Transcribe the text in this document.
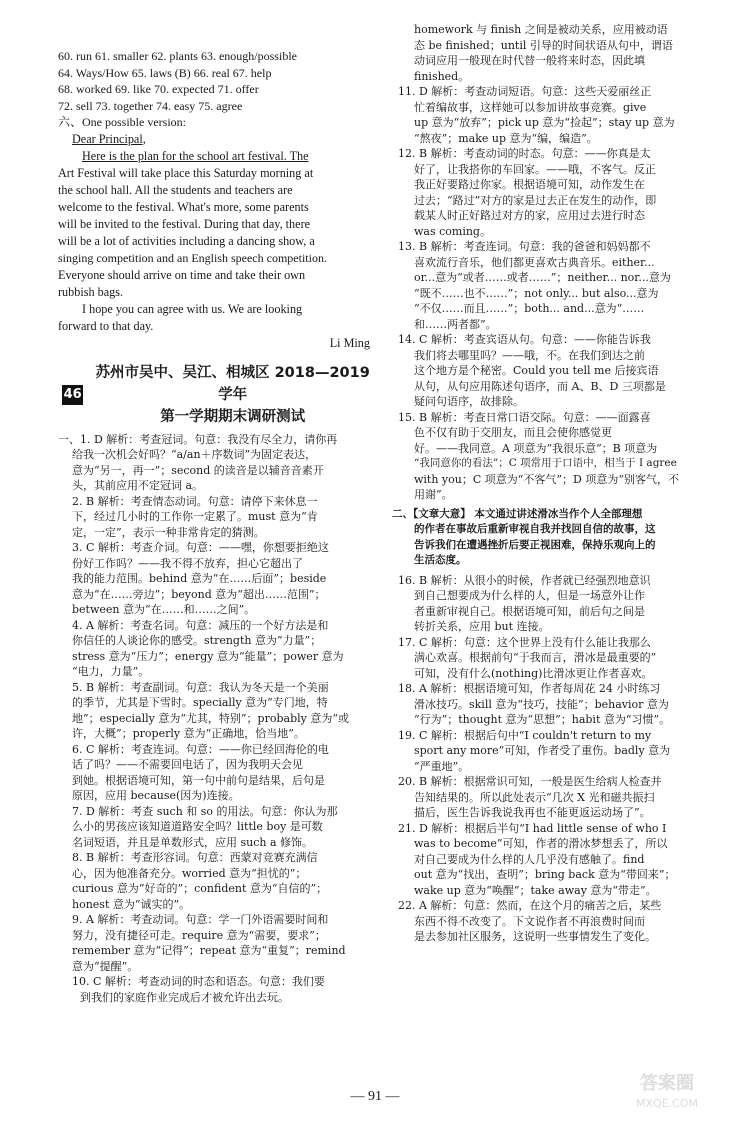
60. run 61. smaller 62. plants 63. enough/possible
64. Ways/How 65. laws (B) 66. real 67. help
68. worked 69. like 70. expected 71. offer
72. sell 73. together 74. easy 75. agree
六、One possible version:

Dear Principal,

Here is the plan for the school art festival. The
Art Festival will take place this Saturday morning at
the school hall. All the students and teachers are
welcome to the festival. What's more, some parents
will be invited to the festival. During that day, there
will be a lot of activities including a dancing show, a
singing competition and an English speech competition.
Everyone should arrive on time and take their own
rubbish bags.
I hope you can agree with us. We are looking
forward to that day.
Li Ming
46
苏州市吴中、吴江、相城区 2018—2019 学年
第一学期期末调研测试
一、1. D 解析：考查冠词。句意：我没有尽全力，请你再
给我一次机会好吗？“a/an＋序数词”为固定表达，
意为“另一，再一”；second 的读音是以辅音音素开
头，其前应用不定冠词 a。
2. B 解析：考查情态动词。句意：请停下来休息一
下，经过几小时的工作你一定累了。must 意为“肯
定，一定”，表示一种非常肯定的猜测。
3. C 解析：考查介词。句意：——嘿，你想要拒绝这
份好工作吗？——我不得不放弃，担心它超出了
我的能力范围。behind 意为“在……后面”；beside
意为“在……旁边”；beyond 意为“超出……范围”；
between 意为“在……和……之间”。
4. A 解析：考查名词。句意：减压的一个好方法是和
你信任的人谈论你的感受。strength 意为“力量”；
stress 意为“压力”；energy 意为“能量”；power 意为
“电力，力量”。
5. B 解析：考查副词。句意：我认为冬天是一个美丽
的季节，尤其是下雪时。specially 意为“专门地，特
地”；especially 意为“尤其，特别”；probably 意为“或
许，大概”；properly 意为“正确地，恰当地”。
6. C 解析：考查连词。句意：——你已经回海伦的电
话了吗？——不需要回电话了，因为我明天会见
到她。根据语境可知，第一句中前句是结果，后句是
原因，应用 because(因为)连接。
7. D 解析：考查 such 和 so 的用法。句意：你认为那
么小的男孩应该知道道路安全吗？little boy 是可数
名词短语，并且是单数形式，应用 such a 修饰。
8. B 解析：考查形容词。句意：西蒙对竞赛充满信
心，因为他准备充分。worried 意为“担忧的”；
curious 意为“好奇的”；confident 意为“自信的”；
honest 意为“诚实的”。
9. A 解析：考查动词。句意：学一门外语需要时间和
努力，没有捷径可走。require 意为“需要，要求”；
remember 意为“记得”；repeat 意为“重复”；remind
意为“提醒”。
10. C 解析：考查动词的时态和语态。句意：我们要
到我们的家庭作业完成后才被允许出去玩。
homework 与 finish 之间是被动关系，应用被动语
态 be finished；until 引导的时间状语从句中，谓语
动词应用一般现在时代替一般将来时态，因此填
finished。
11. D 解析：考查动词短语。句意：这些天爱丽丝正
忙着编故事，这样她可以参加讲故事竞赛。give
up 意为“放弃”；pick up 意为“捡起”；stay up 意为
“熬夜”；make up 意为“编，编造”。
12. B 解析：考查动词的时态。句意：——你真是太
好了，让我搭你的车回家。——哦，不客气。反正
我正好要路过你家。根据语境可知，动作发生在
过去；“路过”对方的家是过去正在发生的动作，即
载某人时正好路过对方的家，应用过去进行时态
was coming。
13. B 解析：考查连词。句意：我的爸爸和妈妈都不
喜欢流行音乐，他们都更喜欢古典音乐。either...
or...意为“或者……或者……”；neither... nor...意为
“既不……也不……”；not only... but also...意为
“不仅……而且……”；both... and...意为“……
和……两者都”。
14. C 解析：考查宾语从句。句意：——你能告诉我
我们将去哪里吗？——哦，不。在我们到达之前
这个地方是个秘密。Could you tell me 后接宾语
从句，从句应用陈述句语序，而 A、B、D 三项都是
疑问句语序，故排除。
15. B 解析：考查日常口语交际。句意：——面露喜
色不仅有助于交朋友，而且会使你感觉更
好。——我同意。A 项意为“我很乐意”；B 项意为
“我同意你的看法”；C 项常用于口语中，相当于 I agree
with you；C 项意为“不客气”；D 项意为“别客气，不
用谢”。
二、【文章大意】 本文通过讲述滑冰当作个人全部理想
的作者在事故后重新审视自我并找回自信的故事，这
告诉我们在遭遇挫折后要正视困难，保持乐观向上的
生活态度。
16. B 解析：从很小的时候，作者就已经强烈地意识
到自己想要成为什么样的人，但是一场意外让作
者重新审视自己。根据语境可知，前后句之间是
转折关系，应用 but 连接。
17. C 解析：句意：这个世界上没有什么能让我那么
满心欢喜。根据前句“于我而言，滑冰是最重要的”
可知，没有什么(nothing)比滑冰更让作者喜欢。
18. A 解析：根据语境可知，作者每周花 24 小时练习
滑冰技巧。skill 意为“技巧，技能”；behavior 意为
“行为”；thought 意为“思想”；habit 意为“习惯”。
19. C 解析：根据后句中“I couldn't return to my
sport any more”可知，作者受了重伤。badly 意为
“严重地”。
20. B 解析：根据常识可知，一般是医生给病人检查并
告知结果的。所以此处表示“几次 X 光和磁共振扫
描后，医生告诉我说我再也不能更返运动场了”。
21. D 解析：根据后半句“I had little sense of who I
was to become”可知，作者的滑冰梦想丢了，所以
对自己要成为什么样的人几乎没有感触了。find
out 意为“找出，查明”；bring back 意为“带回来”；
wake up 意为“唤醒”；take away 意为“带走”。
22. A 解析：句意：然而，在这个月的痛苦之后，某些
东西不得不改变了。下文说作者不再浪费时间而
是去参加社区服务，这说明一些事情发生了变化。
— 91 —
答案圈
MXQE.COM
